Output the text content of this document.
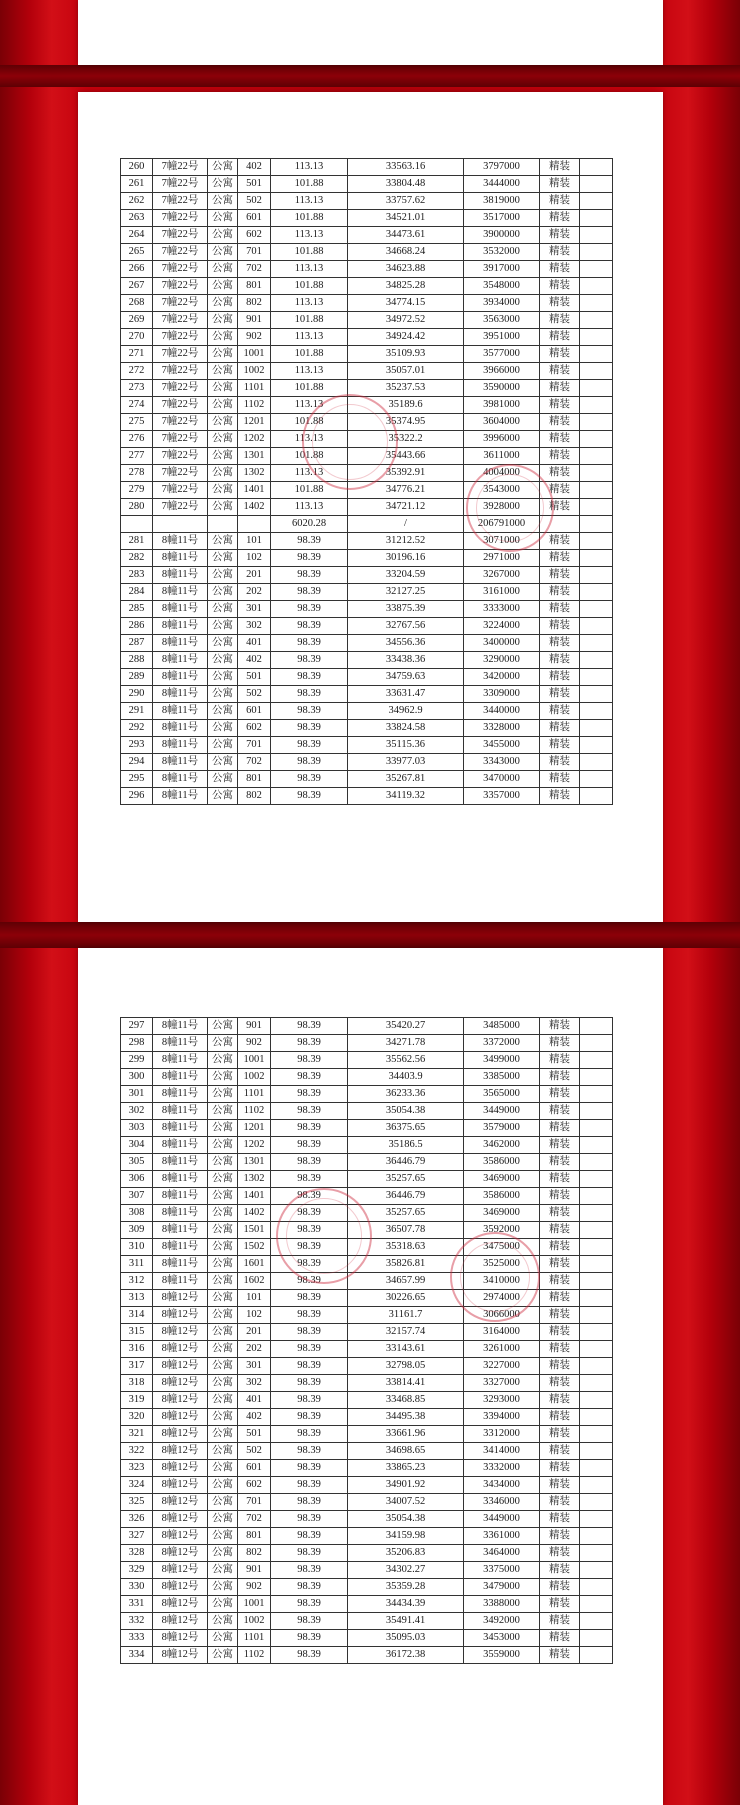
260	7幢22号	公寓	402	113.13	33563.16	3797000	精装	
261	7幢22号	公寓	501	101.88	33804.48	3444000	精装	
262	7幢22号	公寓	502	113.13	33757.62	3819000	精装	
263	7幢22号	公寓	601	101.88	34521.01	3517000	精装	
264	7幢22号	公寓	602	113.13	34473.61	3900000	精装	
265	7幢22号	公寓	701	101.88	34668.24	3532000	精装	
266	7幢22号	公寓	702	113.13	34623.88	3917000	精装	
267	7幢22号	公寓	801	101.88	34825.28	3548000	精装	
268	7幢22号	公寓	802	113.13	34774.15	3934000	精装	
269	7幢22号	公寓	901	101.88	34972.52	3563000	精装	
270	7幢22号	公寓	902	113.13	34924.42	3951000	精装	
271	7幢22号	公寓	1001	101.88	35109.93	3577000	精装	
272	7幢22号	公寓	1002	113.13	35057.01	3966000	精装	
273	7幢22号	公寓	1101	101.88	35237.53	3590000	精装	
274	7幢22号	公寓	1102	113.13	35189.6	3981000	精装	
275	7幢22号	公寓	1201	101.88	35374.95	3604000	精装	
276	7幢22号	公寓	1202	113.13	35322.2	3996000	精装	
277	7幢22号	公寓	1301	101.88	35443.66	3611000	精装	
278	7幢22号	公寓	1302	113.13	35392.91	4004000	精装	
279	7幢22号	公寓	1401	101.88	34776.21	3543000	精装	
280	7幢22号	公寓	1402	113.13	34721.12	3928000	精装	
				6020.28	/	206791000		
281	8幢11号	公寓	101	98.39	31212.52	3071000	精装	
282	8幢11号	公寓	102	98.39	30196.16	2971000	精装	
283	8幢11号	公寓	201	98.39	33204.59	3267000	精装	
284	8幢11号	公寓	202	98.39	32127.25	3161000	精装	
285	8幢11号	公寓	301	98.39	33875.39	3333000	精装	
286	8幢11号	公寓	302	98.39	32767.56	3224000	精装	
287	8幢11号	公寓	401	98.39	34556.36	3400000	精装	
288	8幢11号	公寓	402	98.39	33438.36	3290000	精装	
289	8幢11号	公寓	501	98.39	34759.63	3420000	精装	
290	8幢11号	公寓	502	98.39	33631.47	3309000	精装	
291	8幢11号	公寓	601	98.39	34962.9	3440000	精装	
292	8幢11号	公寓	602	98.39	33824.58	3328000	精装	
293	8幢11号	公寓	701	98.39	35115.36	3455000	精装	
294	8幢11号	公寓	702	98.39	33977.03	3343000	精装	
295	8幢11号	公寓	801	98.39	35267.81	3470000	精装	
296	8幢11号	公寓	802	98.39	34119.32	3357000	精装	
297	8幢11号	公寓	901	98.39	35420.27	3485000	精装	
298	8幢11号	公寓	902	98.39	34271.78	3372000	精装	
299	8幢11号	公寓	1001	98.39	35562.56	3499000	精装	
300	8幢11号	公寓	1002	98.39	34403.9	3385000	精装	
301	8幢11号	公寓	1101	98.39	36233.36	3565000	精装	
302	8幢11号	公寓	1102	98.39	35054.38	3449000	精装	
303	8幢11号	公寓	1201	98.39	36375.65	3579000	精装	
304	8幢11号	公寓	1202	98.39	35186.5	3462000	精装	
305	8幢11号	公寓	1301	98.39	36446.79	3586000	精装	
306	8幢11号	公寓	1302	98.39	35257.65	3469000	精装	
307	8幢11号	公寓	1401	98.39	36446.79	3586000	精装	
308	8幢11号	公寓	1402	98.39	35257.65	3469000	精装	
309	8幢11号	公寓	1501	98.39	36507.78	3592000	精装	
310	8幢11号	公寓	1502	98.39	35318.63	3475000	精装	
311	8幢11号	公寓	1601	98.39	35826.81	3525000	精装	
312	8幢11号	公寓	1602	98.39	34657.99	3410000	精装	
313	8幢12号	公寓	101	98.39	30226.65	2974000	精装	
314	8幢12号	公寓	102	98.39	31161.7	3066000	精装	
315	8幢12号	公寓	201	98.39	32157.74	3164000	精装	
316	8幢12号	公寓	202	98.39	33143.61	3261000	精装	
317	8幢12号	公寓	301	98.39	32798.05	3227000	精装	
318	8幢12号	公寓	302	98.39	33814.41	3327000	精装	
319	8幢12号	公寓	401	98.39	33468.85	3293000	精装	
320	8幢12号	公寓	402	98.39	34495.38	3394000	精装	
321	8幢12号	公寓	501	98.39	33661.96	3312000	精装	
322	8幢12号	公寓	502	98.39	34698.65	3414000	精装	
323	8幢12号	公寓	601	98.39	33865.23	3332000	精装	
324	8幢12号	公寓	602	98.39	34901.92	3434000	精装	
325	8幢12号	公寓	701	98.39	34007.52	3346000	精装	
326	8幢12号	公寓	702	98.39	35054.38	3449000	精装	
327	8幢12号	公寓	801	98.39	34159.98	3361000	精装	
328	8幢12号	公寓	802	98.39	35206.83	3464000	精装	
329	8幢12号	公寓	901	98.39	34302.27	3375000	精装	
330	8幢12号	公寓	902	98.39	35359.28	3479000	精装	
331	8幢12号	公寓	1001	98.39	34434.39	3388000	精装	
332	8幢12号	公寓	1002	98.39	35491.41	3492000	精装	
333	8幢12号	公寓	1101	98.39	35095.03	3453000	精装	
334	8幢12号	公寓	1102	98.39	36172.38	3559000	精装	
